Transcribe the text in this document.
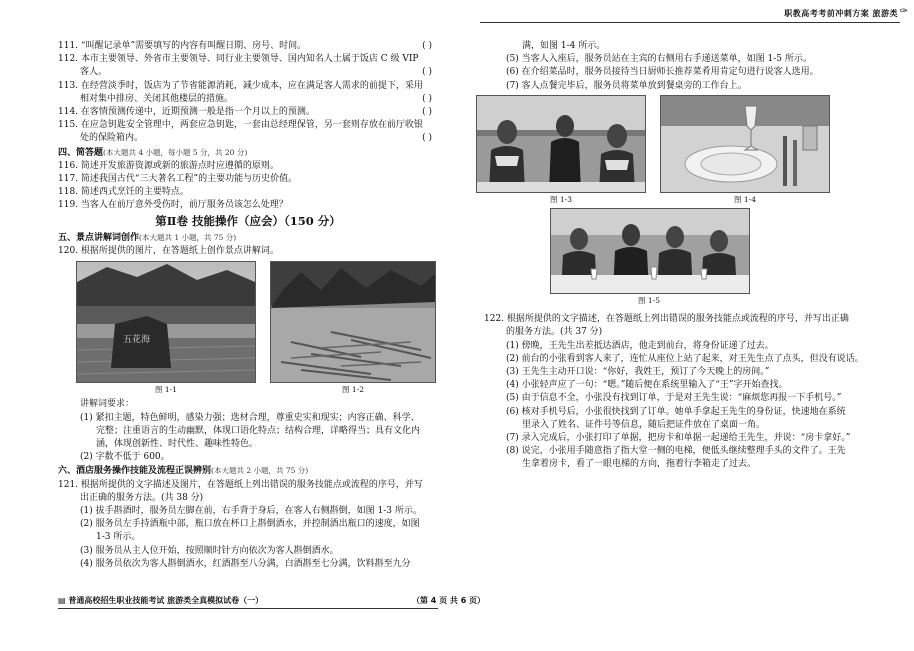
职教高考考前冲刺方案 旅游类 ✑
111. “叫醒记录单”需要填写的内容有叫醒日期、房号、时间。	( )
112. 本市主要领导、外省市主要领导、同行业主要领导、国内知名人士属于饭店 C 级 VIP
客人。	( )
113. 在经营淡季时，饭店为了节省能源消耗，减少成本，应在满足客人需求的前提下，采用
相对集中排房、关闭其他楼层的措施。	( )
114. 在客情预测传递中，近期预测一般是指一个月以上的预测。	( )
115. 在应急钥匙安全管理中，两套应急钥匙，一套由总经理保管，另一套则存放在前厅收银
处的保险箱内。	( )
四、简答题(本大题共 4 小题，每小题 5 分，共 20 分)
116. 简述开发旅游资源或新的旅游点时应遵循的原则。
117. 简述我国古代“三大著名工程”的主要功能与历史价值。
118. 简述西式烹饪的主要特点。
119. 当客人在前厅意外受伤时，前厅服务员该怎么处理？
第Ⅱ卷 技能操作（应会）（150 分）
五、景点讲解词创作(本大题共 1 小题，共 75 分)
120. 根据所提供的图片，在答题纸上创作景点讲解词。
五花海
图 1-1	图 1-2
讲解词要求：
(1) 紧扣主题，特色鲜明，感染力强；选材合理，尊重史实和现实；内容正确、科学、
完整；注重语言的生动幽默，体现口语化特点；结构合理，详略得当；具有文化内
涵，体现创新性、时代性、趣味性特色。
(2) 字数不低于 600。
六、酒店服务操作技能及流程正误辨别(本大题共 2 小题，共 75 分)
121. 根据所提供的文字描述及图片，在答题纸上列出错误的服务技能点或流程的序号，并写
出正确的服务方法。(共 38 分)
(1) 拔手斟酒时，服务员左脚在前，右手背于身后，在客人右侧斟倒，如图 1-3 所示。
(2) 服务员左手持酒瓶中部，瓶口放在杯口上斟倒酒水，并控制酒出瓶口的速度，如图
1-3 所示。
(3) 服务员从主人位开始，按照顺时针方向依次为客人斟倒酒水。
(4) 服务员依次为客人斟倒酒水，红酒斟至八分满，白酒斟至七分满，饮料斟至九分
满，如图 1-4 所示。
(5) 当客人入座后，服务员站在主宾的右侧用右手递送菜单，如图 1-5 所示。
(6) 在介绍菜品时，服务员接待当日厨师长推荐菜肴用肯定句进行说客人选用。
(7) 客人点餐完毕后，服务员将菜单放到餐桌旁的工作台上。
图 1-3	图 1-4
图 1-5
122. 根据所提供的文字描述，在答题纸上列出错误的服务技能点或流程的序号，并写出正确
的服务方法。(共 37 分)
(1) 傍晚，王先生出差抵达酒店，他走到前台，将身份证递了过去。
(2) 前台的小张看到客人来了，连忙从座位上站了起来，对王先生点了点头，但没有说话。
(3) 王先生主动开口说：“你好，我姓王，预订了今天晚上的房间。”
(4) 小张轻声应了一句：“嗯。”随后便在系统里输入了“王”字开始查找。
(5) 由于信息不全，小张没有找到订单，于是对王先生说：“麻烦您再报一下手机号。”
(6) 核对手机号后，小张很快找到了订单。她单手拿起王先生的身份证，快速地在系统
里录入了姓名、证件号等信息，随后把证件放在了桌面一角。
(7) 录入完成后，小张打印了单据，把房卡和单据一起递给王先生，并说：“房卡拿好。”
(8) 说完，小张用手随意指了指大堂一侧的电梯，便低头继续整理手头的文件了。王先
生拿着房卡，看了一眼电梯的方向，拖着行李箱走了过去。
▤ 普通高校招生职业技能考试 旅游类全真模拟试卷（一）	（第 4 页 共 6 页）
